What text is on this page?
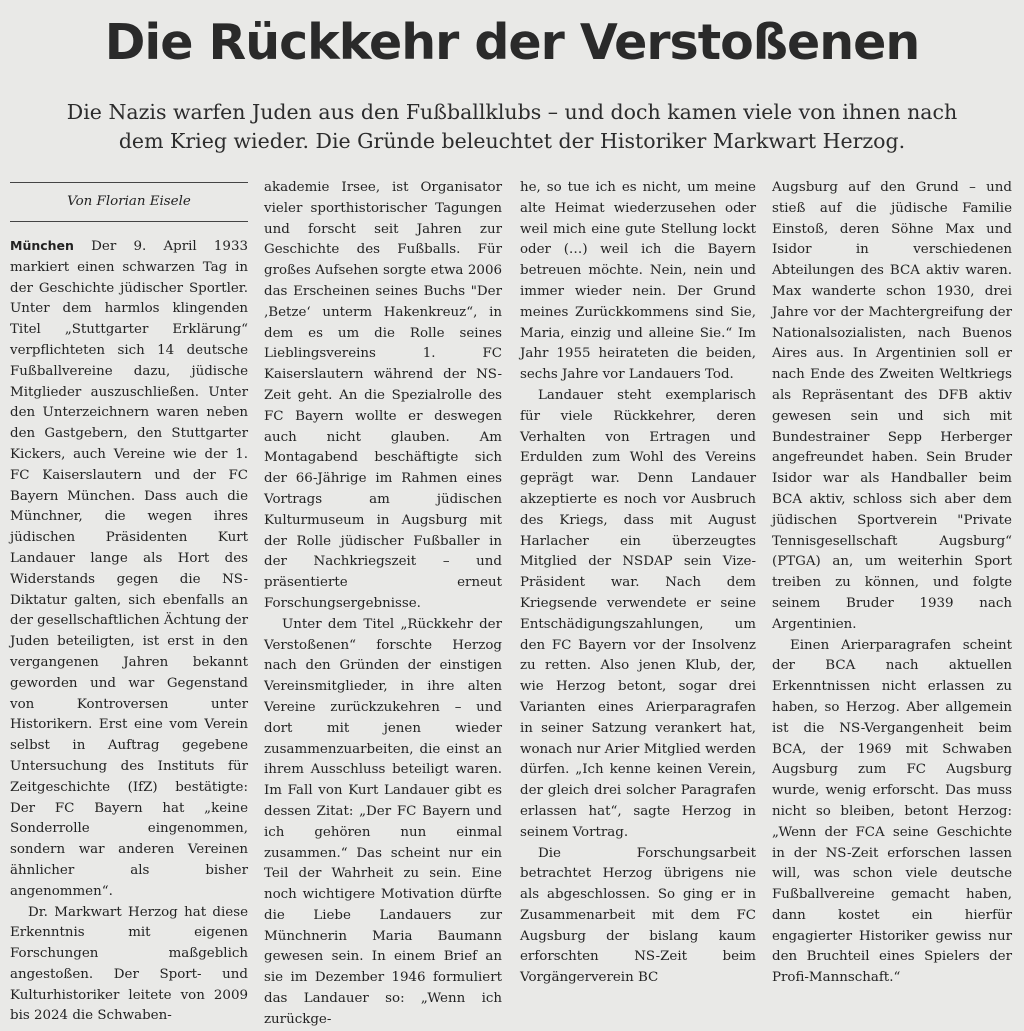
Die Rückkehr der Verstoßenen

Die Nazis warfen Juden aus den Fußballklubs – und doch kamen viele von ihnen nach dem Krieg wieder. Die Gründe beleuchtet der Historiker Markwart Herzog.

Von Florian Eisele

München Der 9. April 1933 markiert einen schwarzen Tag in der Geschichte jüdischer Sportler. Unter dem harmlos klingenden Titel „Stuttgarter Erklärung“ verpflichteten sich 14 deutsche Fußballvereine dazu, jüdische Mitglieder auszuschließen. Unter den Unterzeichnern waren neben den Gastgebern, den Stuttgarter Kickers, auch Vereine wie der 1. FC Kaiserslautern und der FC Bayern München. Dass auch die Münchner, die wegen ihres jüdischen Präsidenten Kurt Landauer lange als Hort des Widerstands gegen die NS-Diktatur galten, sich ebenfalls an der gesellschaftlichen Ächtung der Juden beteiligten, ist erst in den vergangenen Jahren bekannt geworden und war Gegenstand von Kontroversen unter Historikern. Erst eine vom Verein selbst in Auftrag gegebene Untersuchung des Instituts für Zeitgeschichte (IfZ) bestätigte: Der FC Bayern hat „keine Sonderrolle eingenommen, sondern war anderen Vereinen ähnlicher als bisher angenommen“.

Dr. Markwart Herzog hat diese Erkenntnis mit eigenen Forschungen maßgeblich angestoßen. Der Sport- und Kulturhistoriker leitete von 2009 bis 2024 die Schwaben-

akademie Irsee, ist Organisator vieler sporthistorischer Tagungen und forscht seit Jahren zur Geschichte des Fußballs. Für großes Aufsehen sorgte etwa 2006 das Erscheinen seines Buchs "Der ‚Betze‘ unterm Hakenkreuz“, in dem es um die Rolle seines Lieblingsvereins 1. FC Kaiserslautern während der NS-Zeit geht. An die Spezialrolle des FC Bayern wollte er deswegen auch nicht glauben. Am Montagabend beschäftigte sich der 66-Jährige im Rahmen eines Vortrags am jüdischen Kulturmuseum in Augsburg mit der Rolle jüdischer Fußballer in der Nachkriegszeit – und präsentierte erneut Forschungsergebnisse.

Unter dem Titel „Rückkehr der Verstoßenen“ forschte Herzog nach den Gründen der einstigen Vereinsmitglieder, in ihre alten Vereine zurückzukehren – und dort mit jenen wieder zusammenzuarbeiten, die einst an ihrem Ausschluss beteiligt waren. Im Fall von Kurt Landauer gibt es dessen Zitat: „Der FC Bayern und ich gehören nun einmal zusammen.“ Das scheint nur ein Teil der Wahrheit zu sein. Eine noch wichtigere Motivation dürfte die Liebe Landauers zur Münchnerin Maria Baumann gewesen sein. In einem Brief an sie im Dezember 1946 formuliert das Landauer so: „Wenn ich zurückge-

he, so tue ich es nicht, um meine alte Heimat wiederzusehen oder weil mich eine gute Stellung lockt oder (…) weil ich die Bayern betreuen möchte. Nein, nein und immer wieder nein. Der Grund meines Zurückkommens sind Sie, Maria, einzig und alleine Sie.“ Im Jahr 1955 heirateten die beiden, sechs Jahre vor Landauers Tod.

Landauer steht exemplarisch für viele Rückkehrer, deren Verhalten von Ertragen und Erdulden zum Wohl des Vereins geprägt war. Denn Landauer akzeptierte es noch vor Ausbruch des Kriegs, dass mit August Harlacher ein überzeugtes Mitglied der NSDAP sein Vize-Präsident war. Nach dem Kriegsende verwendete er seine Entschädigungszahlungen, um den FC Bayern vor der Insolvenz zu retten. Also jenen Klub, der, wie Herzog betont, sogar drei Varianten eines Arierparagrafen in seiner Satzung verankert hat, wonach nur Arier Mitglied werden dürfen. „Ich kenne keinen Verein, der gleich drei solcher Paragrafen erlassen hat“, sagte Herzog in seinem Vortrag.

Die Forschungsarbeit betrachtet Herzog übrigens nie als abgeschlossen. So ging er in Zusammenarbeit mit dem FC Augsburg der bislang kaum erforschten NS-Zeit beim Vorgängerverein BC

Augsburg auf den Grund – und stieß auf die jüdische Familie Einstoß, deren Söhne Max und Isidor in verschiedenen Abteilungen des BCA aktiv waren. Max wanderte schon 1930, drei Jahre vor der Machtergreifung der Nationalsozialisten, nach Buenos Aires aus. In Argentinien soll er nach Ende des Zweiten Weltkriegs als Repräsentant des DFB aktiv gewesen sein und sich mit Bundestrainer Sepp Herberger angefreundet haben. Sein Bruder Isidor war als Handballer beim BCA aktiv, schloss sich aber dem jüdischen Sportverein "Private Tennisgesellschaft Augsburg“ (PTGA) an, um weiterhin Sport treiben zu können, und folgte seinem Bruder 1939 nach Argentinien.

Einen Arierparagrafen scheint der BCA nach aktuellen Erkenntnissen nicht erlassen zu haben, so Herzog. Aber allgemein ist die NS-Vergangenheit beim BCA, der 1969 mit Schwaben Augsburg zum FC Augsburg wurde, wenig erforscht. Das muss nicht so bleiben, betont Herzog: „Wenn der FCA seine Geschichte in der NS-Zeit erforschen lassen will, was schon viele deutsche Fußballvereine gemacht haben, dann kostet ein hierfür engagierter Historiker gewiss nur den Bruchteil eines Spielers der Profi-Mannschaft.“
